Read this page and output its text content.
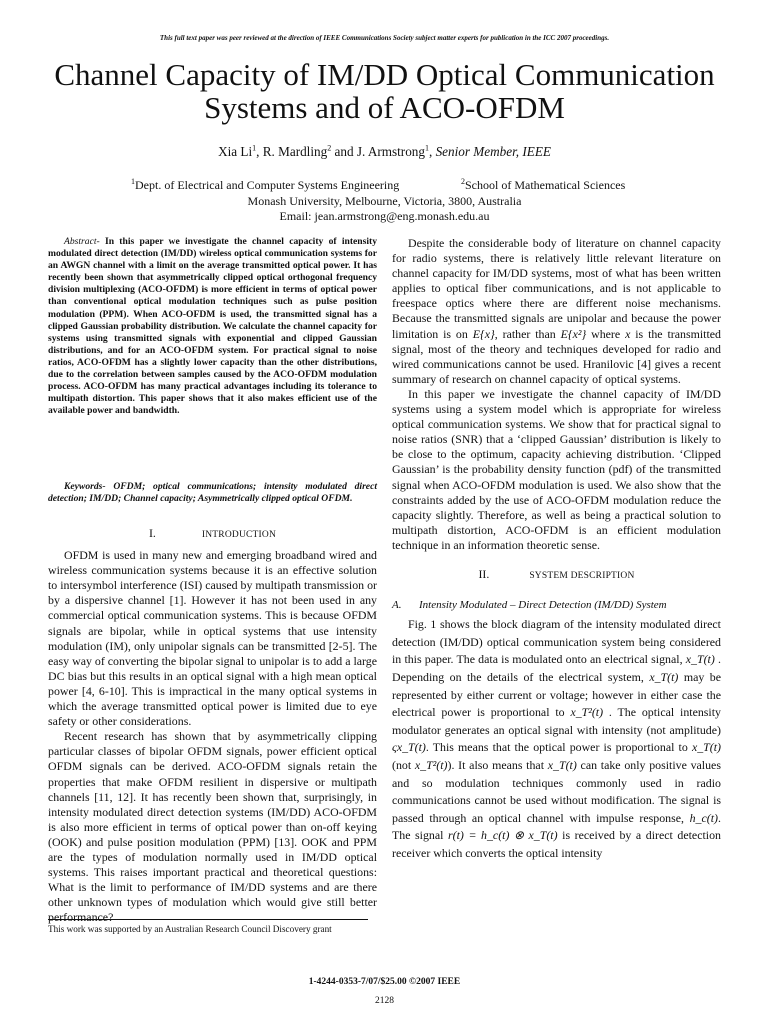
This full text paper was peer reviewed at the direction of IEEE Communications Society subject matter experts for publication in the ICC 2007 proceedings.
Channel Capacity of IM/DD Optical Communication
Systems and of ACO-OFDM
Xia Li$^1$, R. Mardling$^2$ and J. Armstrong$^1$, Senior Member, IEEE
$^1$Dept. of Electrical and Computer Systems Engineering	$^2$School of Mathematical Sciences
Monash University, Melbourne, Victoria, 3800, Australia
Email: jean.armstrong@eng.monash.edu.au
Abstract- In this paper we investigate the channel capacity of intensity modulated direct detection (IM/DD) wireless optical communication systems for an AWGN channel with a limit on the average transmitted optical power. It has recently been shown that asymmetrically clipped optical orthogonal frequency division multiplexing (ACO-OFDM) is more efficient in terms of optical power than conventional optical modulation techniques such as pulse position modulation (PPM). When ACO-OFDM is used, the transmitted signal has a clipped Gaussian probability distribution. We calculate the channel capacity for systems using transmitted signals with exponential and clipped Gaussian distributions, and for an ACO-OFDM system. For practical signal to noise ratios, ACO-OFDM has a slightly lower capacity than the other distributions, due to the correlation between samples caused by the ACO-OFDM modulation process. ACO-OFDM has many practical advantages including its tolerance to multipath distortion. This paper shows that it also makes efficient use of the available power and bandwidth.
Keywords- OFDM; optical communications; intensity modulated direct detection; IM/DD; Channel capacity; Asymmetrically clipped optical OFDM.

I.	INTRODUCTION

OFDM is used in many new and emerging broadband wired and wireless communication systems because it is an effective solution to intersymbol interference (ISI) caused by multipath transmission or by a dispersive channel [1]. However it has not been used in any commercial optical communication systems. This is because OFDM signals are bipolar, while in optical systems that use intensity modulation (IM), only unipolar signals can be transmitted [2-5]. The easy way of converting the bipolar signal to unipolar is to add a large DC bias but this results in an optical signal with a high mean optical power [4, 6-10]. This is impractical in the many optical systems in which the average transmitted optical power is limited due to eye safety or other considerations.

Recent research has shown that by asymmetrically clipping particular classes of bipolar OFDM signals, power efficient optical OFDM signals can be derived. ACO-OFDM signals retain the properties that make OFDM resilient in dispersive or multipath channels [11, 12]. It has recently been shown that, surprisingly, in intensity modulated direct detection systems (IM/DD) ACO-OFDM is also more efficient in terms of optical power than on-off keying (OOK) and pulse position modulation (PPM) [13]. OOK and PPM are the types of modulation normally used in IM/DD optical systems. This raises important practical and theoretical questions: What is the limit to performance of IM/DD systems and are there other unknown types of modulation which would give still better performance?

This work was supported by an Australian Research Council Discovery grant

Despite the considerable body of literature on channel capacity for radio systems, there is relatively little relevant literature on channel capacity for IM/DD systems, most of what has been written applies to optical fiber communications, and is not applicable to freespace optics where there are different noise mechanisms. Because the transmitted signals are unipolar and because the power limitation is on E{x}, rather than E{x²} where x is the transmitted signal, most of the theory and techniques developed for radio and wired communications cannot be used. Hranilovic [4] gives a recent summary of research on channel capacity of optical systems.

In this paper we investigate the channel capacity of IM/DD systems using a system model which is appropriate for wireless optical communication systems. We show that for practical signal to noise ratios (SNR) that a ‘clipped Gaussian’ distribution is likely to be close to the optimum, capacity achieving distribution. ‘Clipped Gaussian’ is the probability density function (pdf) of the transmitted signal when ACO-OFDM modulation is used. We also show that the constraints added by the use of ACO-OFDM modulation reduce the capacity slightly. Therefore, as well as being a practical solution to multipath distortion, ACO-OFDM is an efficient modulation technique in an information theoretic sense.

II.	SYSTEM DESCRIPTION

A. Intensity Modulated – Direct Detection (IM/DD) System

Fig. 1 shows the block diagram of the intensity modulated direct detection (IM/DD) optical communication system being considered in this paper. The data is modulated onto an electrical signal, x_T(t) . Depending on the details of the electrical system, x_T(t) may be represented by either current or voltage; however in either case the electrical power is proportional to x_T²(t) . The optical intensity modulator generates an optical signal with intensity (not amplitude) ςx_T(t). This means that the optical power is proportional to x_T(t) (not x_T²(t)). It also means that x_T(t) can take only positive values and so modulation techniques commonly used in radio communications cannot be used without modification. The signal is passed through an optical channel with impulse response, h_c(t). The signal r(t) = h_c(t) ⊗ x_T(t) is received by a direct detection receiver which converts the optical intensity

1-4244-0353-7/07/$25.00 ©2007 IEEE
2128
